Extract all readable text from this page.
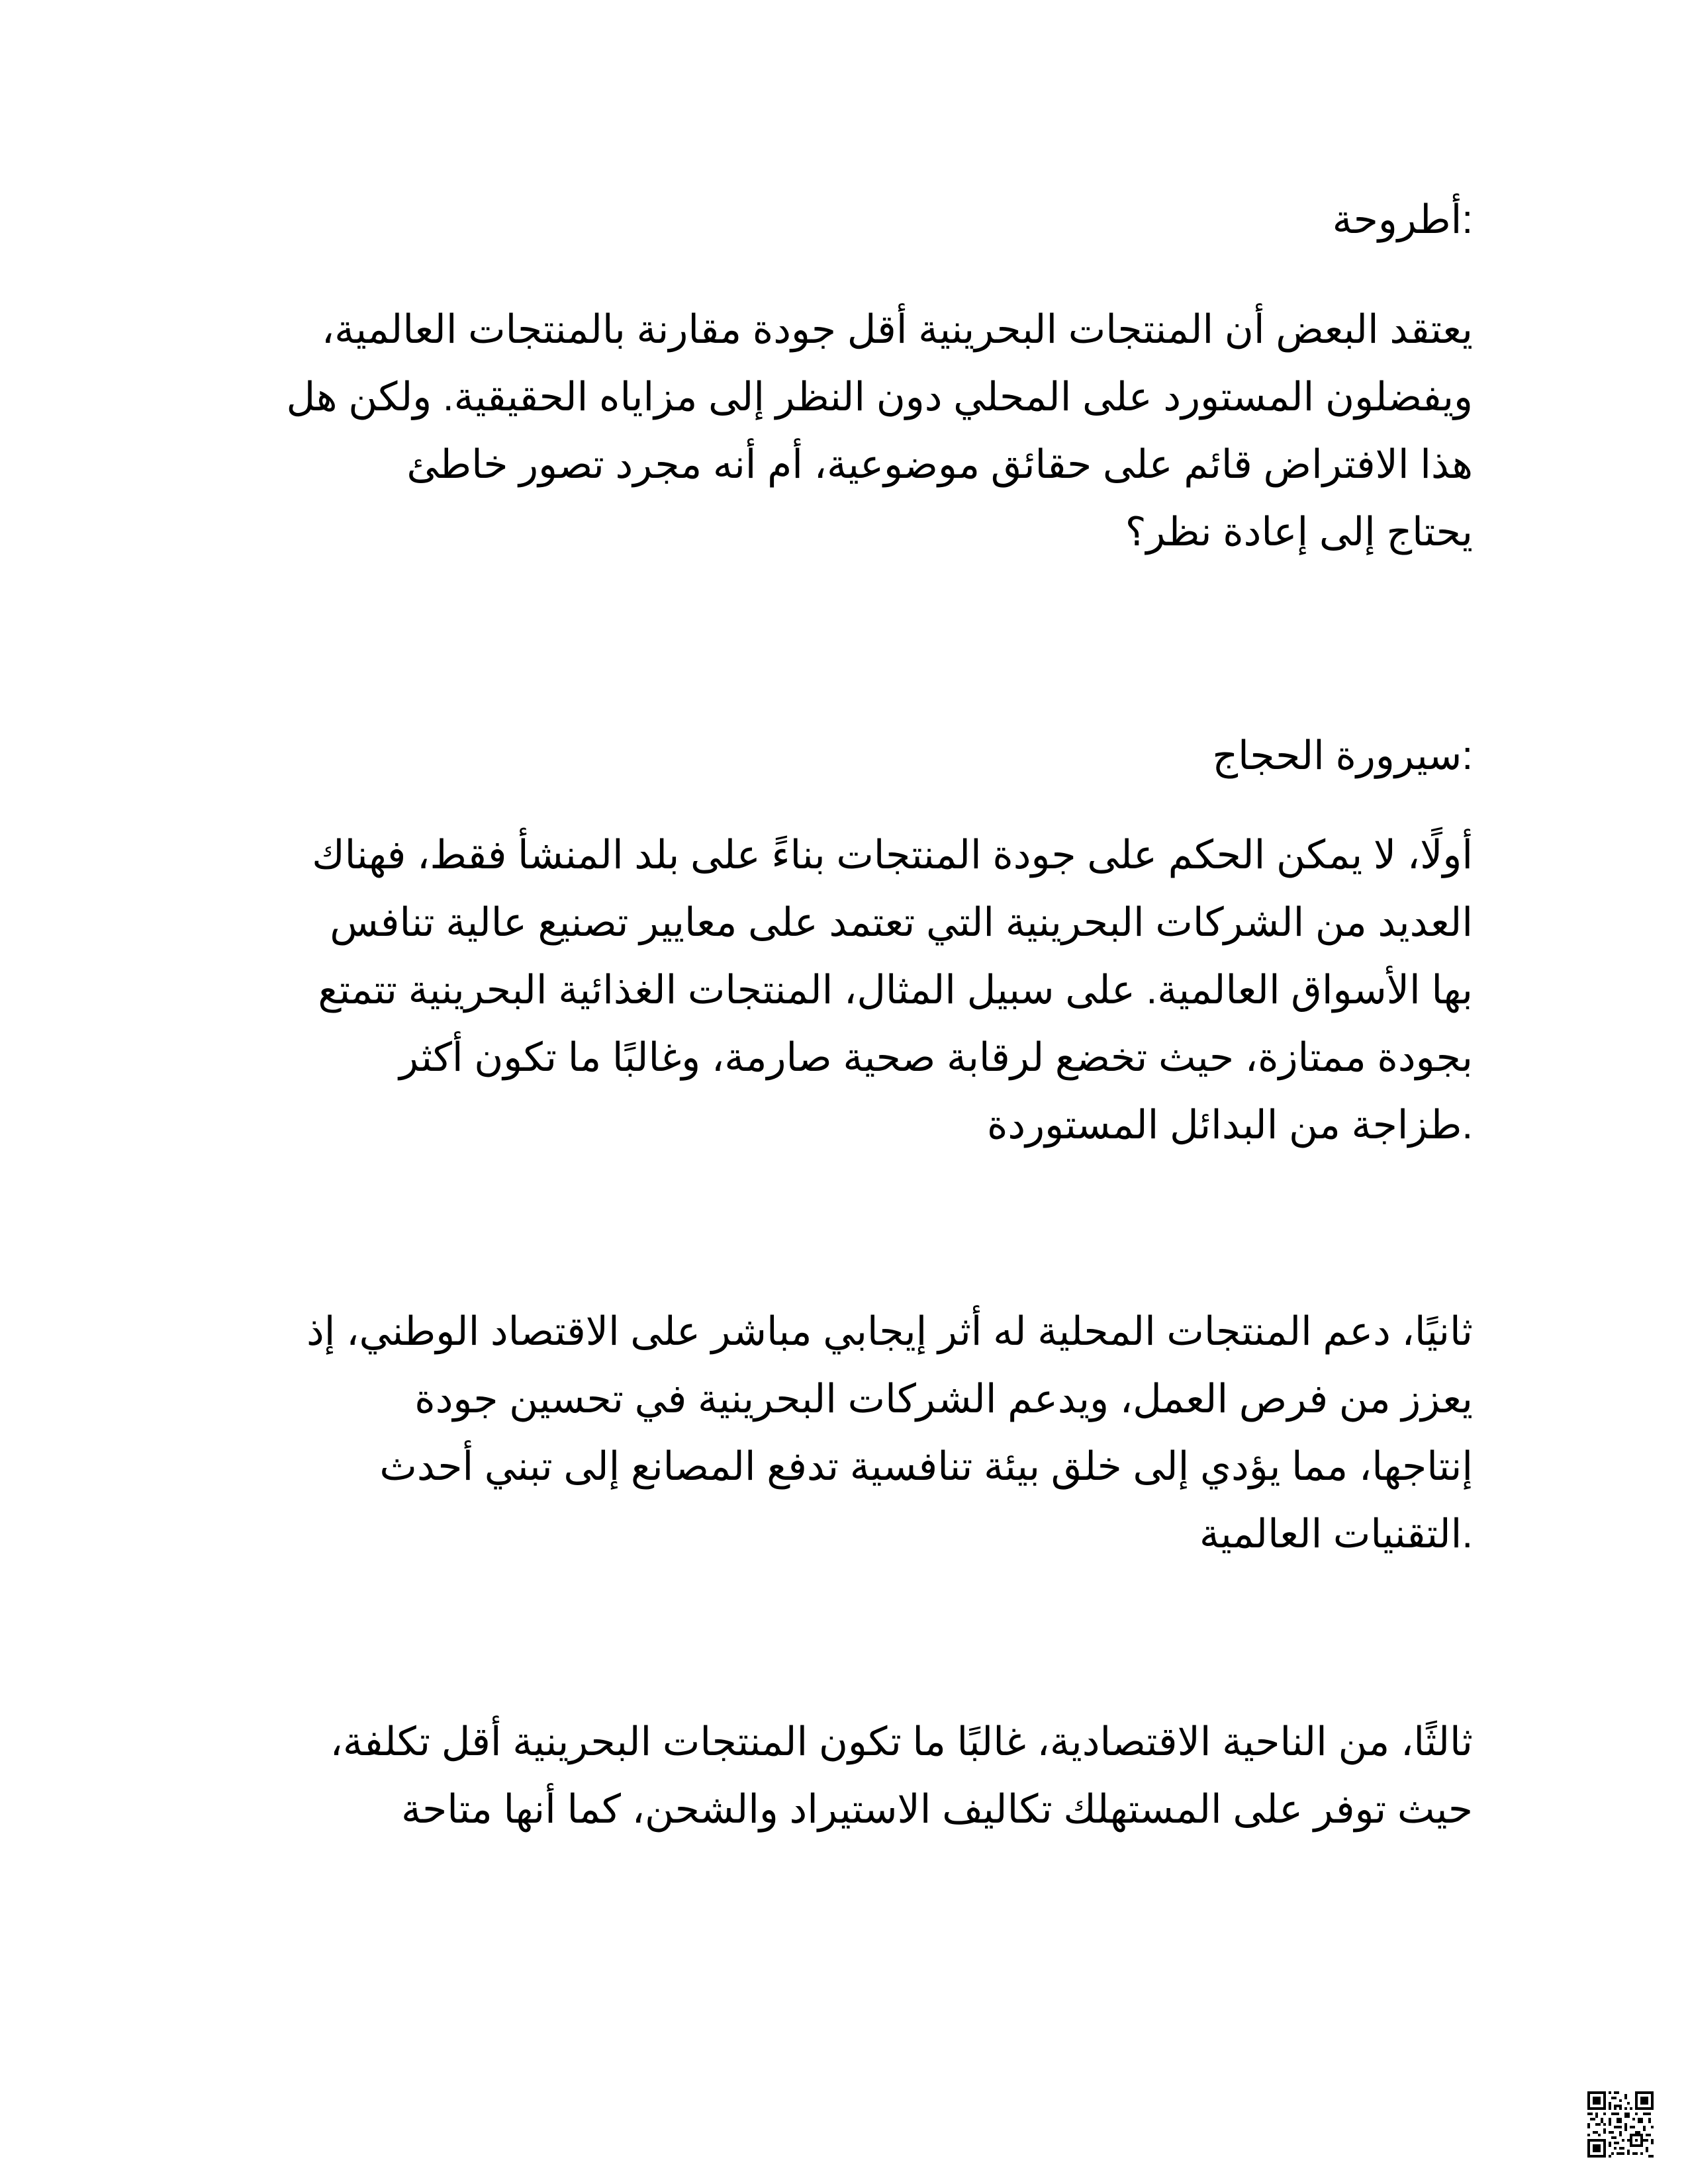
:أطروحة
يعتقد البعض أن المنتجات البحرينية أقل جودة مقارنة بالمنتجات العالمية،
ويفضلون المستورد على المحلي دون النظر إلى مزاياه الحقيقية. ولكن هل
هذا الافتراض قائم على حقائق موضوعية، أم أنه مجرد تصور خاطئ
يحتاج إلى إعادة نظر؟
:سيرورة الحجاج
أولًا، لا يمكن الحكم على جودة المنتجات بناءً على بلد المنشأ فقط، فهناك
العديد من الشركات البحرينية التي تعتمد على معايير تصنيع عالية تنافس
بها الأسواق العالمية. على سبيل المثال، المنتجات الغذائية البحرينية تتمتع
بجودة ممتازة، حيث تخضع لرقابة صحية صارمة، وغالبًا ما تكون أكثر
.طزاجة من البدائل المستوردة
ثانيًا، دعم المنتجات المحلية له أثر إيجابي مباشر على الاقتصاد الوطني، إذ
يعزز من فرص العمل، ويدعم الشركات البحرينية في تحسين جودة
إنتاجها، مما يؤدي إلى خلق بيئة تنافسية تدفع المصانع إلى تبني أحدث
.التقنيات العالمية
ثالثًا، من الناحية الاقتصادية، غالبًا ما تكون المنتجات البحرينية أقل تكلفة،
حيث توفر على المستهلك تكاليف الاستيراد والشحن، كما أنها متاحة
